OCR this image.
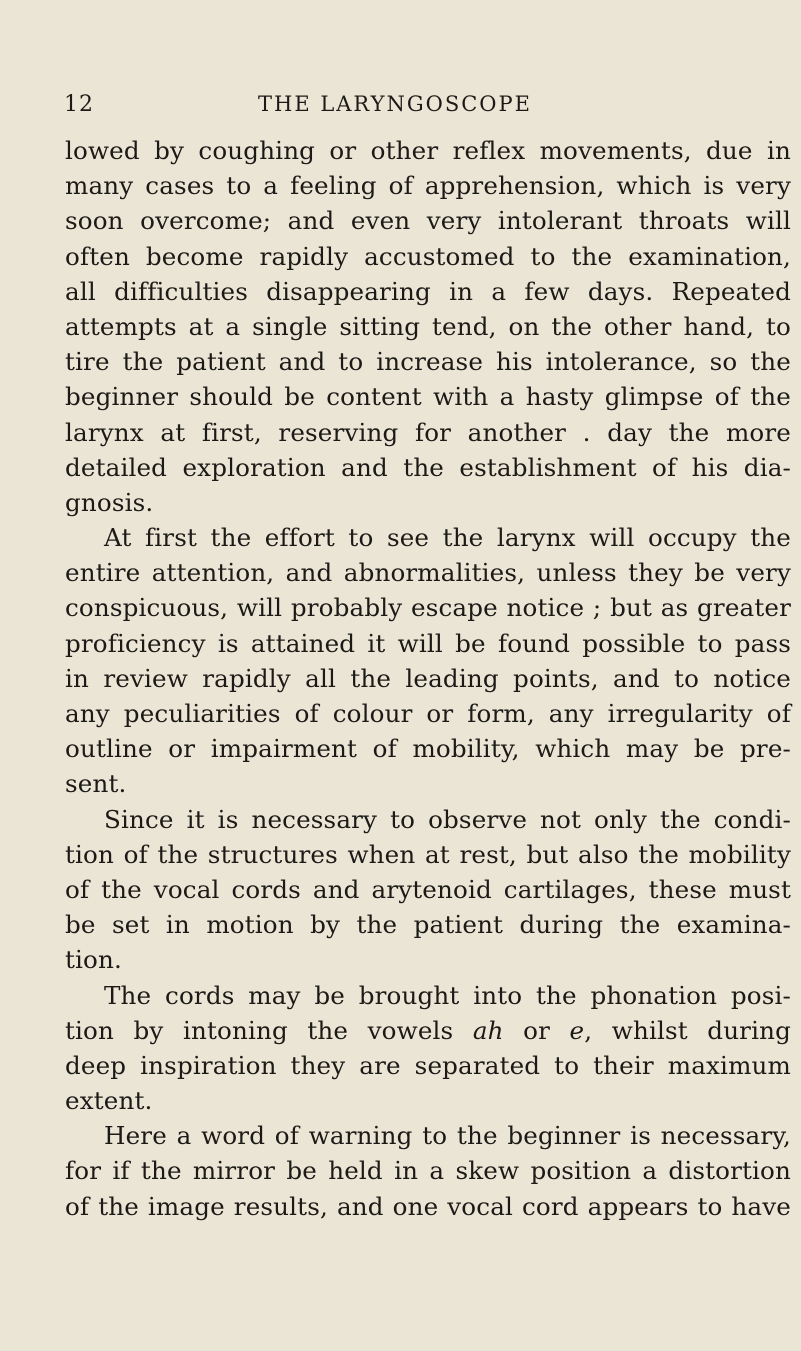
12	THE LARYNGOSCOPE
lowed by coughing or other reflex movements, due in
many cases to a feeling of apprehension, which is very
soon overcome; and even very intolerant throats will
often become rapidly accustomed to the examination,
all difficulties disappearing in a few days. Repeated
attempts at a single sitting tend, on the other hand, to
tire the patient and to increase his intolerance, so the
beginner should be content with a hasty glimpse of the
larynx at first, reserving for another . day the more
detailed exploration and the establishment of his dia-
gnosis.
At first the effort to see the larynx will occupy the
entire attention, and abnormalities, unless they be very
conspicuous, will probably escape notice ; but as greater
proficiency is attained it will be found possible to pass
in review rapidly all the leading points, and to notice
any peculiarities of colour or form, any irregularity of
outline or impairment of mobility, which may be pre-
sent.
Since it is necessary to observe not only the condi-
tion of the structures when at rest, but also the mobility
of the vocal cords and arytenoid cartilages, these must
be set in motion by the patient during the examina-
tion.
The cords may be brought into the phonation posi-
tion by intoning the vowels ah or e, whilst during
deep inspiration they are separated to their maximum
extent.
Here a word of warning to the beginner is necessary,
for if the mirror be held in a skew position a distortion
of the image results, and one vocal cord appears to have
